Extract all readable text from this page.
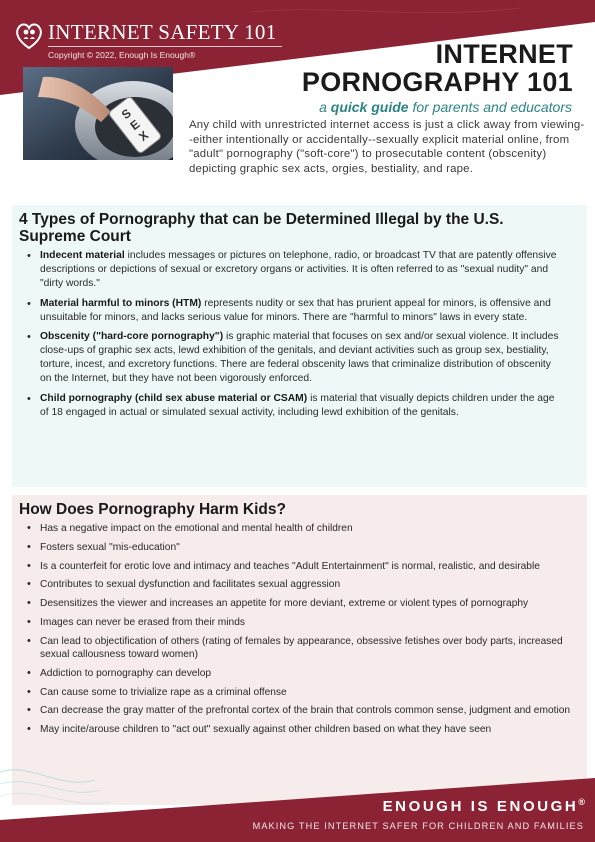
INTERNET SAFETY 101
Copyright © 2022, Enough Is Enough®
S
E
X
INTERNET
PORNOGRAPHY 101
a quick guide for parents and educators

Any child with unrestricted internet access is just a click away from viewing--either intentionally or accidentally--sexually explicit material online, from "adult" pornography ("soft-core") to prosecutable content (obscenity) depicting graphic sex acts, orgies, bestiality, and rape.

4 Types of Pornography that can be Determined Illegal by the U.S. Supreme Court
• Indecent material includes messages or pictures on telephone, radio, or broadcast TV that are patently offensive descriptions or depictions of sexual or excretory organs or activities. It is often referred to as "sexual nudity" and "dirty words."
• Material harmful to minors (HTM) represents nudity or sex that has prurient appeal for minors, is offensive and unsuitable for minors, and lacks serious value for minors. There are "harmful to minors" laws in every state.
• Obscenity ("hard-core pornography") is graphic material that focuses on sex and/or sexual violence. It includes close-ups of graphic sex acts, lewd exhibition of the genitals, and deviant activities such as group sex, bestiality, torture, incest, and excretory functions. There are federal obscenity laws that criminalize distribution of obscenity on the Internet, but they have not been vigorously enforced.
• Child pornography (child sex abuse material or CSAM) is material that visually depicts children under the age of 18 engaged in actual or simulated sexual activity, including lewd exhibition of the genitals.
How Does Pornography Harm Kids?
• Has a negative impact on the emotional and mental health of children
• Fosters sexual "mis-education"
• Is a counterfeit for erotic love and intimacy and teaches "Adult Entertainment" is normal, realistic, and desirable
• Contributes to sexual dysfunction and facilitates sexual aggression
• Desensitizes the viewer and increases an appetite for more deviant, extreme or violent types of pornography
• Images can never be erased from their minds
• Can lead to objectification of others (rating of females by appearance, obsessive fetishes over body parts, increased sexual callousness toward women)
• Addiction to pornography can develop
• Can cause some to trivialize rape as a criminal offense
• Can decrease the gray matter of the prefrontal cortex of the brain that controls common sense, judgment and emotion
• May incite/arouse children to "act out" sexually against other children based on what they have seen
ENOUGH IS ENOUGH®
MAKING THE INTERNET SAFER FOR CHILDREN AND FAMILIES
